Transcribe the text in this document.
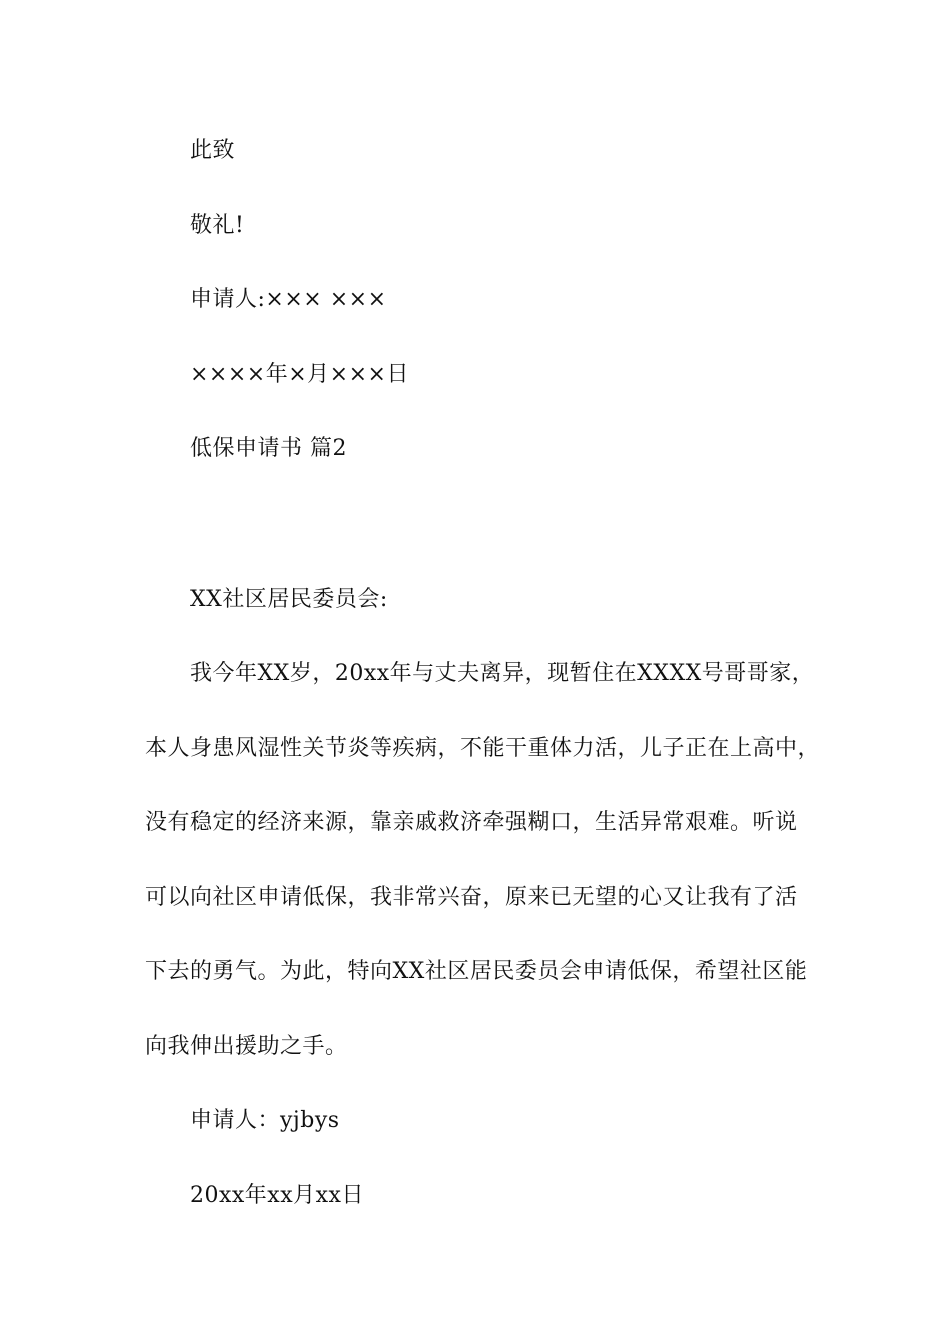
此致
敬礼!
申请人:××× ×××
××××年×月×××日
低保申请书 篇2
XX社区居民委员会:
我今年XX岁，20xx年与丈夫离异，现暂住在XXXX号哥哥家，
本人身患风湿性关节炎等疾病，不能干重体力活，儿子正在上高中，
没有稳定的经济来源，靠亲戚救济牵强糊口，生活异常艰难。听说
可以向社区申请低保，我非常兴奋，原来已无望的心又让我有了活
下去的勇气。为此，特向XX社区居民委员会申请低保，希望社区能
向我伸出援助之手。
申请人：yjbys
20xx年xx月xx日
